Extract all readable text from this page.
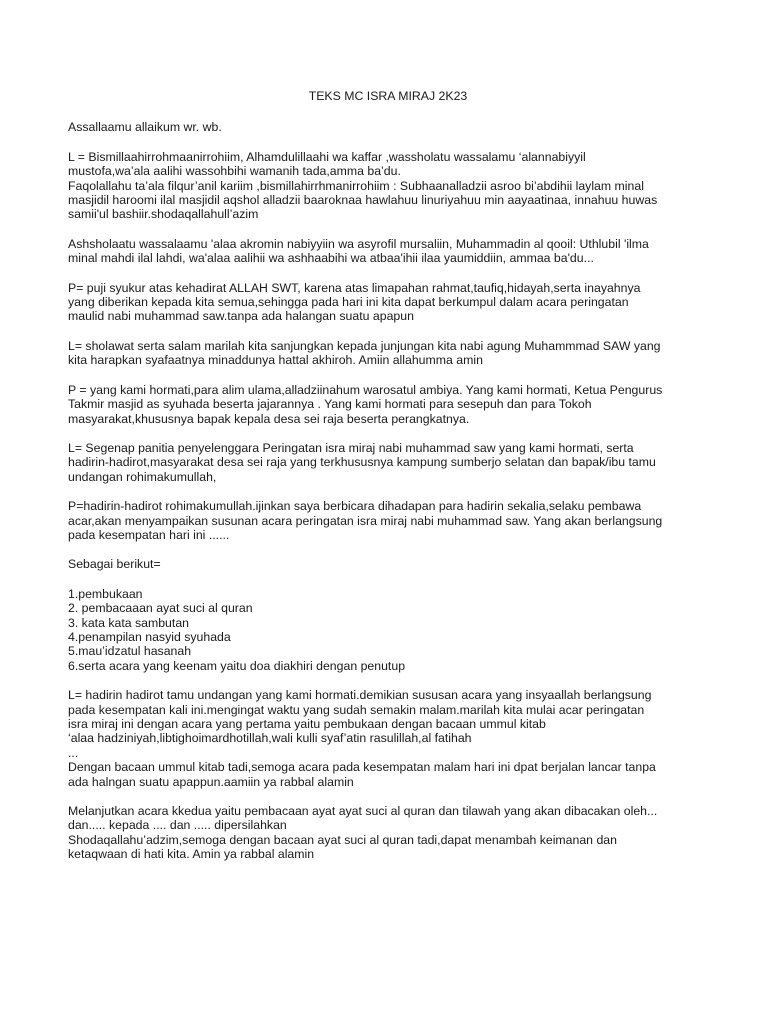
TEKS MC ISRA MIRAJ 2K23
Assallaamu allaikum wr. wb.
L = Bismillaahirrohmaanirrohiim, Alhamdulillaahi wa kaffar ,wassholatu wassalamu ‘alannabiyyil
mustofa,wa’ala aalihi wassohbihi wamanih tada,amma ba’du.
Faqolallahu ta’ala filqur’anil kariim ,bismillahirrhmanirrohiim : Subhaanalladzii asroo bi’abdihii laylam minal
masjidil haroomi ilal masjidil aqshol alladzii baaroknaa hawlahuu linuriyahuu min aayaatinaa, innahuu huwas
samii'ul bashiir.shodaqallahull’azim
Ashsholaatu wassalaamu 'alaa akromin nabiyyiin wa asyrofil mursaliin, Muhammadin al qooil: Uthlubil 'ilma
minal mahdi ilal lahdi, wa'alaa aalihii wa ashhaabihi wa atbaa'ihii ilaa yaumiddiin, ammaa ba'du...
P= puji syukur atas kehadirat ALLAH SWT, karena atas limapahan rahmat,taufiq,hidayah,serta inayahnya
yang diberikan kepada kita semua,sehingga pada hari ini kita dapat berkumpul dalam acara peringatan
maulid nabi muhammad saw.tanpa ada halangan suatu apapun
L= sholawat serta salam marilah kita sanjungkan kepada junjungan kita nabi agung Muhammmad SAW yang
kita harapkan syafaatnya minaddunya hattal akhiroh. Amiin allahumma amin
P = yang kami hormati,para alim ulama,alladziinahum warosatul ambiya. Yang kami hormati, Ketua Pengurus
Takmir masjid as syuhada beserta jajarannya . Yang kami hormati para sesepuh dan para Tokoh
masyarakat,khususnya bapak kepala desa sei raja beserta perangkatnya.
L= Segenap panitia penyelenggara Peringatan isra miraj nabi muhammad saw yang kami hormati, serta
hadirin-hadirot,masyarakat desa sei raja yang terkhususnya kampung sumberjo selatan dan bapak/ibu tamu
undangan rohimakumullah,
P=hadirin-hadirot rohimakumullah.ijinkan saya berbicara dihadapan para hadirin sekalia,selaku pembawa
acar,akan menyampaikan susunan acara peringatan isra miraj nabi muhammad saw. Yang akan berlangsung
pada kesempatan hari ini ......
Sebagai berikut=
1.pembukaan
2. pembacaaan ayat suci al quran
3. kata kata sambutan
4.penampilan nasyid syuhada
5.mau’idzatul hasanah
6.serta acara yang keenam yaitu doa diakhiri dengan penutup
L= hadirin hadirot tamu undangan yang kami hormati.demikian sususan acara yang insyaallah berlangsung
pada kesempatan kali ini.mengingat waktu yang sudah semakin malam.marilah kita mulai acar peringatan
isra miraj ini dengan acara yang pertama yaitu pembukaan dengan bacaan ummul kitab
‘alaa hadziniyah,libtighoimardhotillah,wali kulli syaf’atin rasulillah,al fatihah
...
Dengan bacaan ummul kitab tadi,semoga acara pada kesempatan malam hari ini dpat berjalan lancar tanpa
ada halngan suatu apappun.aamiin ya rabbal alamin
Melanjutkan acara kkedua yaitu pembacaan ayat ayat suci al quran dan tilawah yang akan dibacakan oleh...
dan..... kepada .... dan ..... dipersilahkan
Shodaqallahu’adzim,semoga dengan bacaan ayat suci al quran tadi,dapat menambah keimanan dan
ketaqwaan di hati kita. Amin ya rabbal alamin
